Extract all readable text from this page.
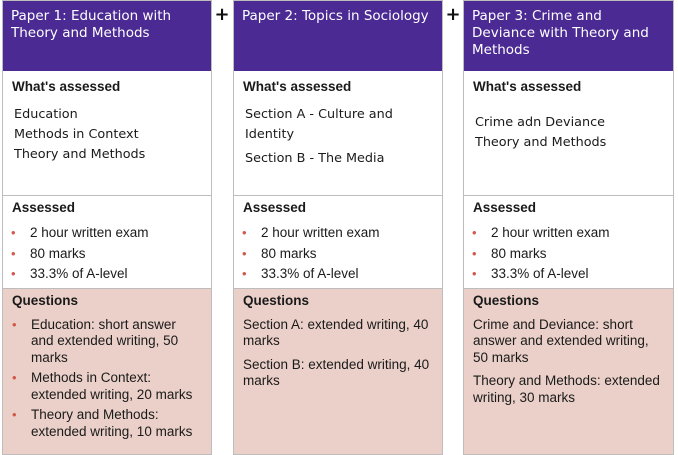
+	+
Paper 1: Education with Theory and Methods
What's assessed
Education
Methods in Context
Theory and Methods
Assessed
• 2 hour written exam
• 80 marks
• 33.3% of A-level
Questions
•	Education: short answer and extended writing, 50 marks
•	Methods in Context: extended writing, 20 marks
•	Theory and Methods: extended writing, 10 marks
Paper 2: Topics in Sociology
What's assessed
Section A - Culture and Identity
Section B - The Media
Assessed
• 2 hour written exam
• 80 marks
• 33.3% of A-level
Questions

Section A: extended writing, 40 marks

Section B: extended writing, 40 marks

Paper 3: Crime and Deviance with Theory and Methods
What's assessed
Crime adn Deviance
Theory and Methods
Assessed
• 2 hour written exam
• 80 marks
• 33.3% of A-level
Questions

Crime and Deviance: short answer and extended writing, 50 marks

Theory and Methods: extended writing, 30 marks
